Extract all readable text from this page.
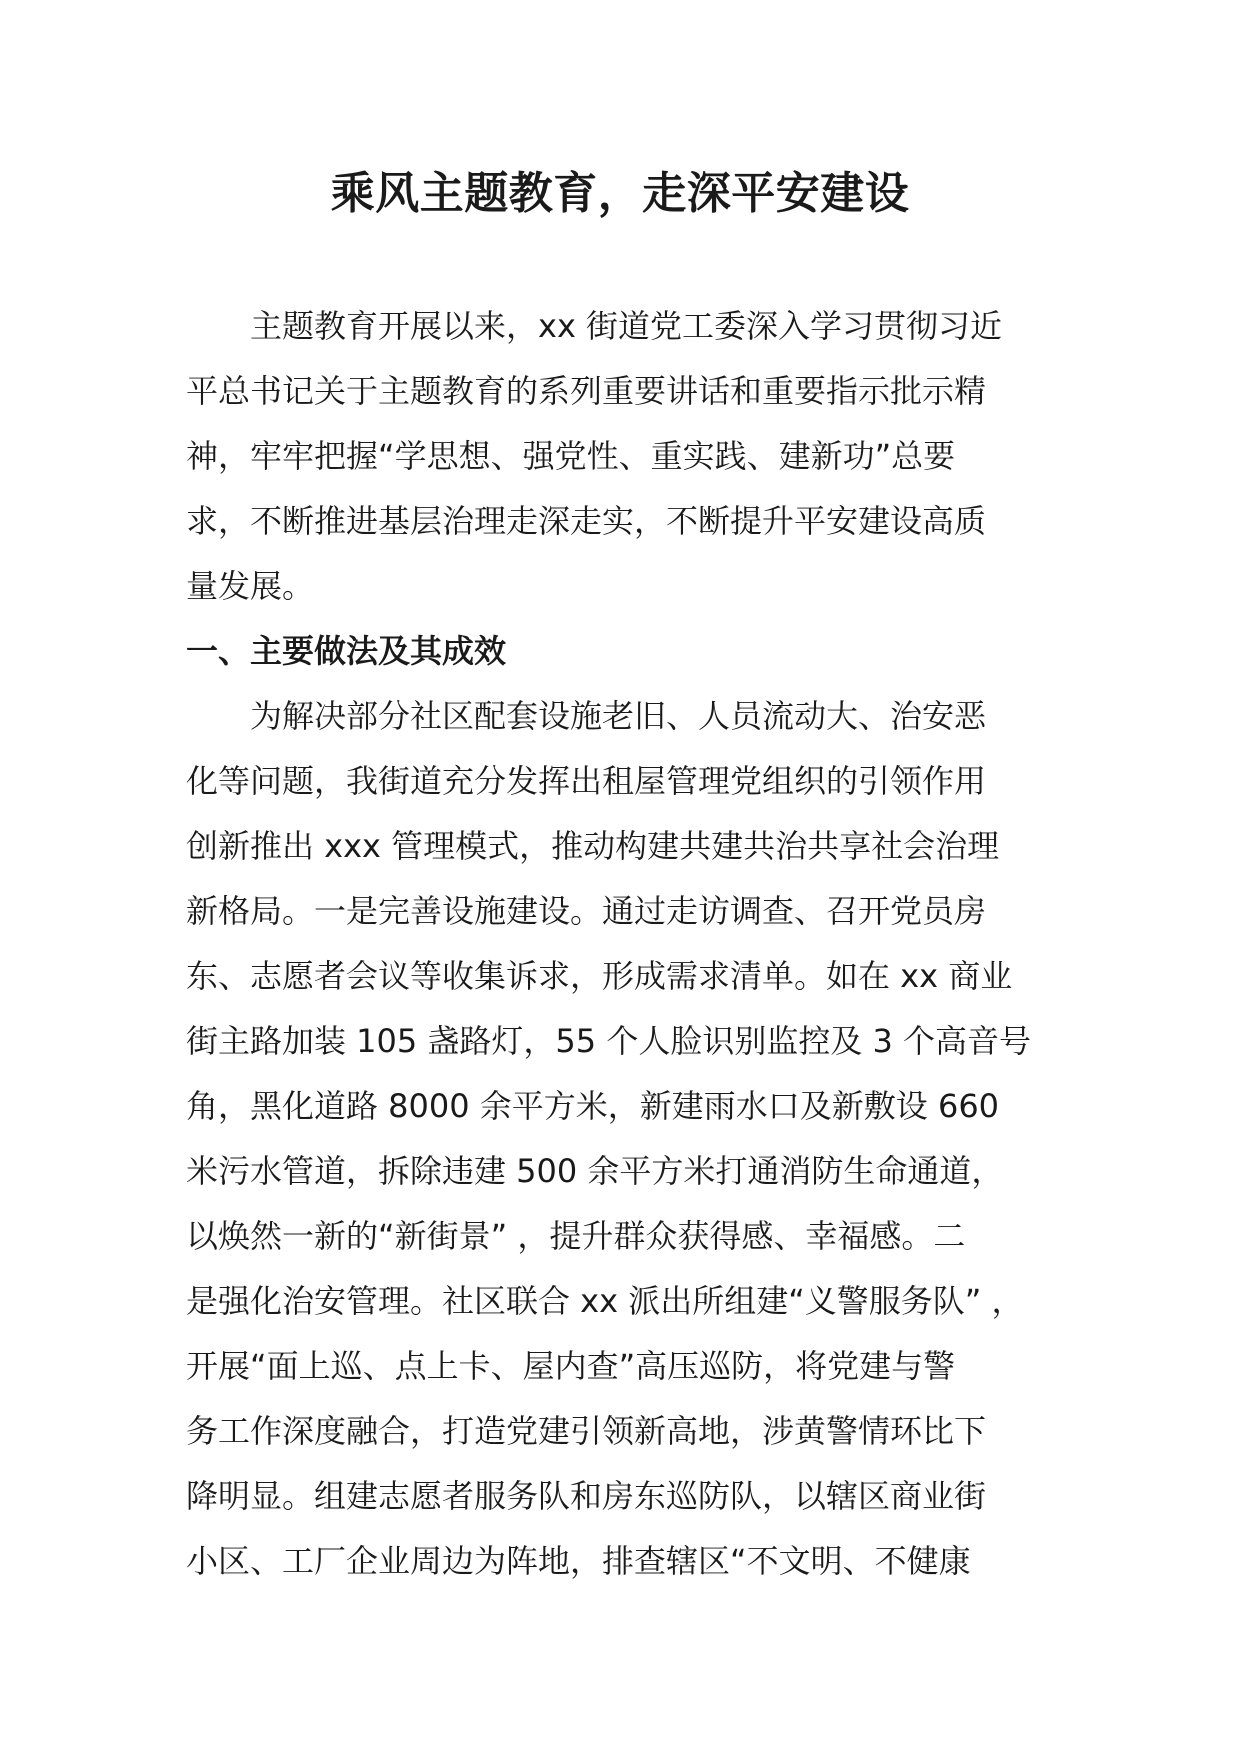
乘风主题教育，走深平安建设
主题教育开展以来，xx 街道党工委深入学习贯彻习近
平总书记关于主题教育的系列重要讲话和重要指示批示精
神，牢牢把握“学思想、强党性、重实践、建新功”总要
求，不断推进基层治理走深走实，不断提升平安建设高质
量发展。
一、主要做法及其成效
为解决部分社区配套设施老旧、人员流动大、治安恶
化等问题，我街道充分发挥出租屋管理党组织的引领作用
创新推出 xxx 管理模式，推动构建共建共治共享社会治理
新格局。一是完善设施建设。通过走访调查、召开党员房
东、志愿者会议等收集诉求，形成需求清单。如在 xx 商业
街主路加装 105 盏路灯，55 个人脸识别监控及 3 个高音号
角，黑化道路 8000 余平方米，新建雨水口及新敷设 660
米污水管道，拆除违建 500 余平方米打通消防生命通道，
以焕然一新的“新街景” ，提升群众获得感、幸福感。二
是强化治安管理。社区联合 xx 派出所组建“义警服务队” ，
开展“面上巡、点上卡、屋内查”高压巡防，将党建与警
务工作深度融合，打造党建引领新高地，涉黄警情环比下
降明显。组建志愿者服务队和房东巡防队，以辖区商业街
小区、工厂企业周边为阵地，排查辖区“不文明、不健康
